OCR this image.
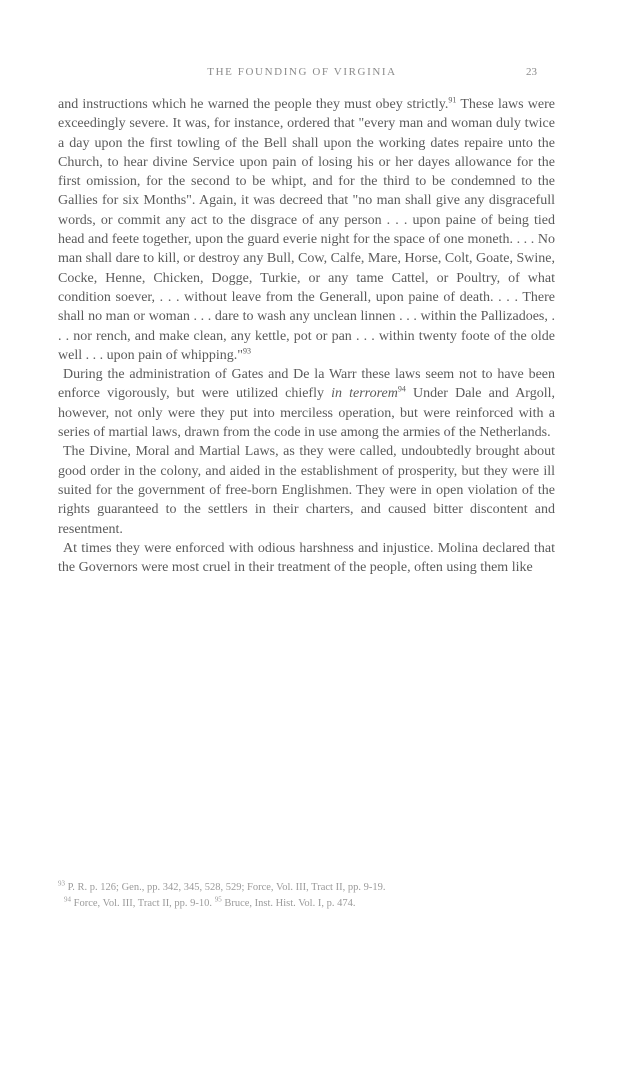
THE FOUNDING OF VIRGINIA	23

and instructions which he warned the people they must obey strictly.$^{91}$ These laws were exceedingly severe. It was, for instance, ordered that "every man and woman duly twice a day upon the first towling of the Bell shall upon the working dates repaire unto the Church, to hear divine Service upon pain of losing his or her dayes allowance for the first omission, for the second to be whipt, and for the third to be condemned to the Gallies for six Months". Again, it was decreed that "no man shall give any disgracefull words, or commit any act to the disgrace of any person . . . upon paine of being tied head and feete together, upon the guard everie night for the space of one moneth. . . . No man shall dare to kill, or destroy any Bull, Cow, Calfe, Mare, Horse, Colt, Goate, Swine, Cocke, Henne, Chicken, Dogge, Turkie, or any tame Cattel, or Poultry, of what condition soever, . . . without leave from the Generall, upon paine of death. . . . There shall no man or woman . . . dare to wash any unclean linnen . . . within the Pallizadoes, . . . nor rench, and make clean, any kettle, pot or pan . . . within twenty foote of the olde well . . . upon pain of whipping."$^{93}$

During the administration of Gates and De la Warr these laws seem not to have been enforce vigorously, but were utilized chiefly in terrorem$^{94}$ Under Dale and Argoll, however, not only were they put into merciless operation, but were reinforced with a series of martial laws, drawn from the code in use among the armies of the Netherlands.

The Divine, Moral and Martial Laws, as they were called, undoubtedly brought about good order in the colony, and aided in the establishment of prosperity, but they were ill suited for the government of free-born Englishmen. They were in open violation of the rights guaranteed to the settlers in their charters, and caused bitter discontent and resentment.

At times they were enforced with odious harshness and injustice. Molina declared that the Governors were most cruel in their treatment of the people, often using them like

$^{93}$ P. R. p. 126; Gen., pp. 342, 345, 528, 529; Force, Vol. III, Tract II, pp. 9-19.

$^{94}$ Force, Vol. III, Tract II, pp. 9-10. $^{95}$ Bruce, Inst. Hist. Vol. I, p. 474.
